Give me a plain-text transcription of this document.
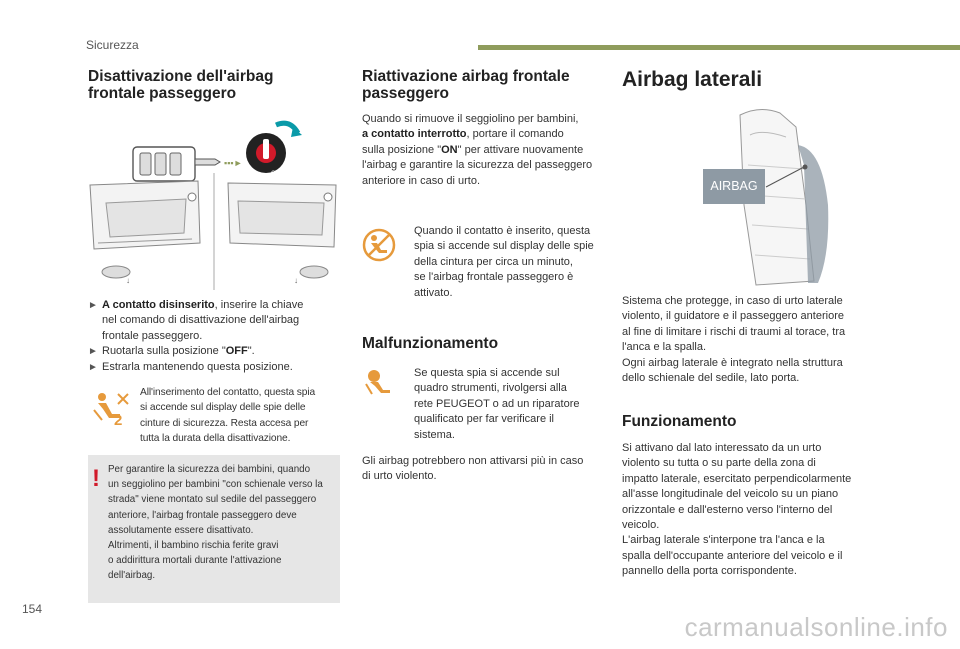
Sicurezza
Disattivazione dell'airbag
frontale passeggero
▪▪▪►
OFF
ON
↓	↓
► A contatto disinserito, inserire la chiave
nel comando di disattivazione dell'airbag
frontale passeggero.
► Ruotarla sulla posizione "OFF".
► Estrarla mantenendo questa posizione.
2
All'inserimento del contatto, questa spia
si accende sul display delle spie delle
cinture di sicurezza. Resta accesa per
tutta la durata della disattivazione.
! Per garantire la sicurezza dei bambini, quando
un seggiolino per bambini "con schienale verso la
strada" viene montato sul sedile del passeggero
anteriore, l'airbag frontale passeggero deve
assolutamente essere disattivato.
Altrimenti, il bambino rischia ferite gravi
o addirittura mortali durante l'attivazione
dell'airbag.
Riattivazione airbag frontale
passeggero
Quando si rimuove il seggiolino per bambini,
a contatto interrotto, portare il comando
sulla posizione "ON" per attivare nuovamente
l'airbag e garantire la sicurezza del passeggero
anteriore in caso di urto.
Quando il contatto è inserito, questa
spia si accende sul display delle spie
della cintura per circa un minuto,
se l'airbag frontale passeggero è
attivato.
Malfunzionamento
Se questa spia si accende sul
quadro strumenti, rivolgersi alla
rete PEUGEOT o ad un riparatore
qualificato per far verificare il
sistema.
Gli airbag potrebbero non attivarsi più in caso
di urto violento.
Airbag laterali
AIRBAG
Sistema che protegge, in caso di urto laterale
violento, il guidatore e il passeggero anteriore
al fine di limitare i rischi di traumi al torace, tra
l'anca e la spalla.
Ogni airbag laterale è integrato nella struttura
dello schienale del sedile, lato porta.
Funzionamento
Si attivano dal lato interessato da un urto
violento su tutta o su parte della zona di
impatto laterale, esercitato perpendicolarmente
all'asse longitudinale del veicolo su un piano
orizzontale e dall'esterno verso l'interno del
veicolo.
L'airbag laterale s'interpone tra l'anca e la
spalla dell'occupante anteriore del veicolo e il
pannello della porta corrispondente.
154
carmanualsonline.info
